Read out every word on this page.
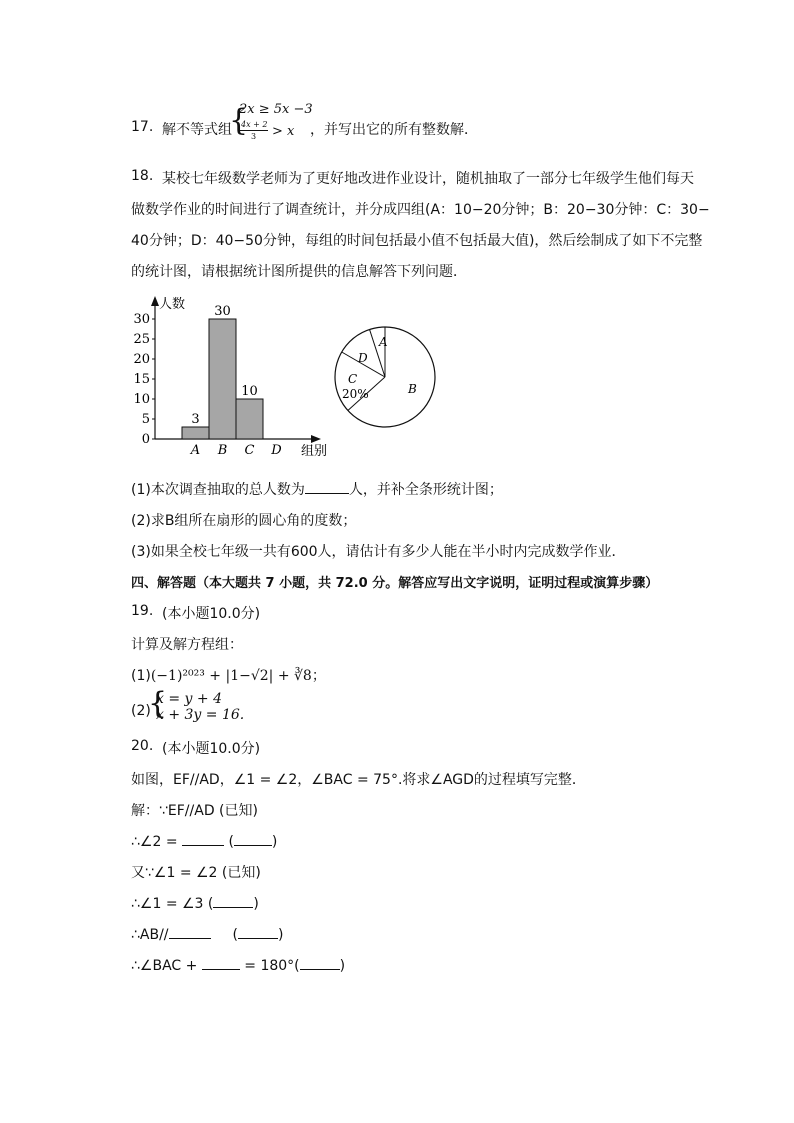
17. 解不等式组
{
2x ≥ 5x −3
4x + 2
3 > x ，并写出它的所有整数解．
18. 某校七年级数学老师为了更好地改进作业设计，随机抽取了一部分七年级学生他们每天
做数学作业的时间进行了调查统计，并分成四组(A：10−20分钟；B：20−30分钟：C：30−
40分钟；D：40−50分钟，每组的时间包括最小值不包括最大值)，然后绘制成了如下不完整
的统计图，请根据统计图所提供的信息解答下列问题．
0
5
10
15
20
25
30
人数
组别
3
A
30
B
10
C D
A
D
C
20%	B
(1)本次调查抽取的总人数为	人，并补全条形统计图；
(2)求B组所在扇形的圆心角的度数；
(3)如果全校七年级一共有600人，请估计有多少人能在半小时内完成数学作业．
四、解答题（本大题共 7 小题，共 72.0 分。解答应写出文字说明，证明过程或演算步骤）
19. (本小题10.0分)
计算及解方程组：
(1)(−1)²⁰²³ + |1−√2| + ∛8；
(2)
{
x = y + 4
x + 3y = 16.
20. (本小题10.0分)
如图，EF//AD，∠1 = ∠2，∠BAC = 75°.将求∠AGD的过程填写完整．
解：∵EF//AD (已知)
∴∠2 =	(	)
又∵∠1 = ∠2 (已知)
∴∠1 = ∠3 (	)
∴AB//	(	)
∴∠BAC +	= 180°(	)
